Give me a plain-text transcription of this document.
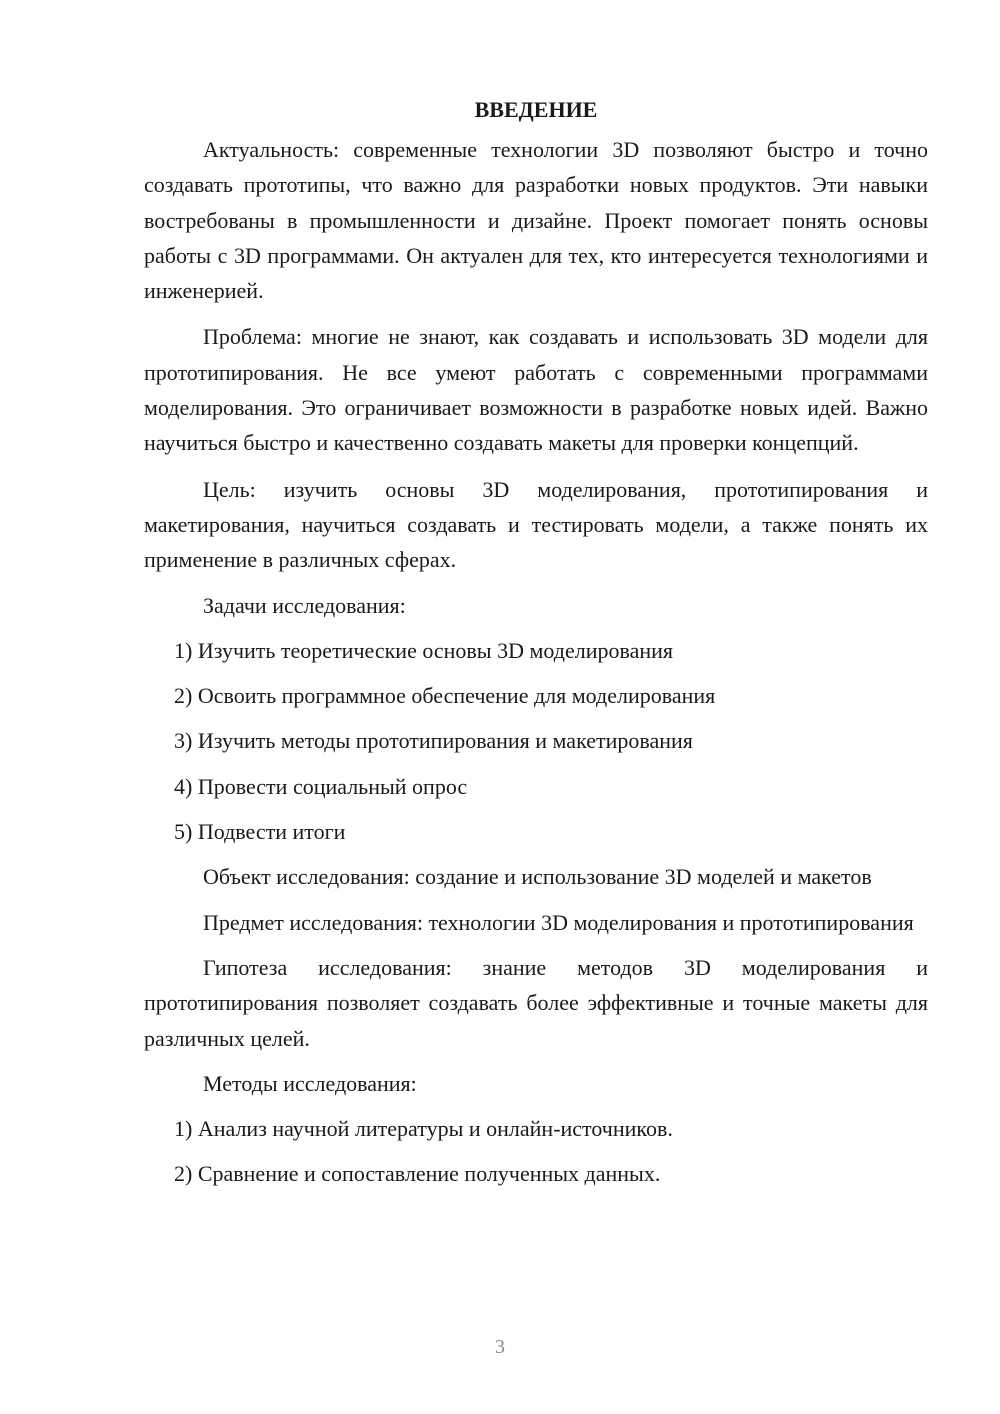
ВВЕДЕНИЕ

Актуальность: современные технологии 3D позволяют быстро и точно создавать прототипы, что важно для разработки новых продуктов. Эти навыки востребованы в промышленности и дизайне. Проект помогает понять основы работы с 3D программами. Он актуален для тех, кто интересуется технологиями и инженерией.

Проблема: многие не знают, как создавать и использовать 3D модели для прототипирования. Не все умеют работать с современными программами моделирования. Это ограничивает возможности в разработке новых идей. Важно научиться быстро и качественно создавать макеты для проверки концепций.

Цель: изучить основы 3D моделирования, прототипирования и макетирования, научиться создавать и тестировать модели, а также понять их применение в различных сферах.

Задачи исследования:

1) Изучить теоретические основы 3D моделирования

2) Освоить программное обеспечение для моделирования

3) Изучить методы прототипирования и макетирования

4) Провести социальный опрос

5) Подвести итоги

Объект исследования: создание и использование 3D моделей и макетов

Предмет исследования: технологии 3D моделирования и прототипирования

Гипотеза исследования: знание методов 3D моделирования и прототипирования позволяет создавать более эффективные и точные макеты для различных целей.

Методы исследования:

1) Анализ научной литературы и онлайн-источников.

2) Сравнение и сопоставление полученных данных.

3
